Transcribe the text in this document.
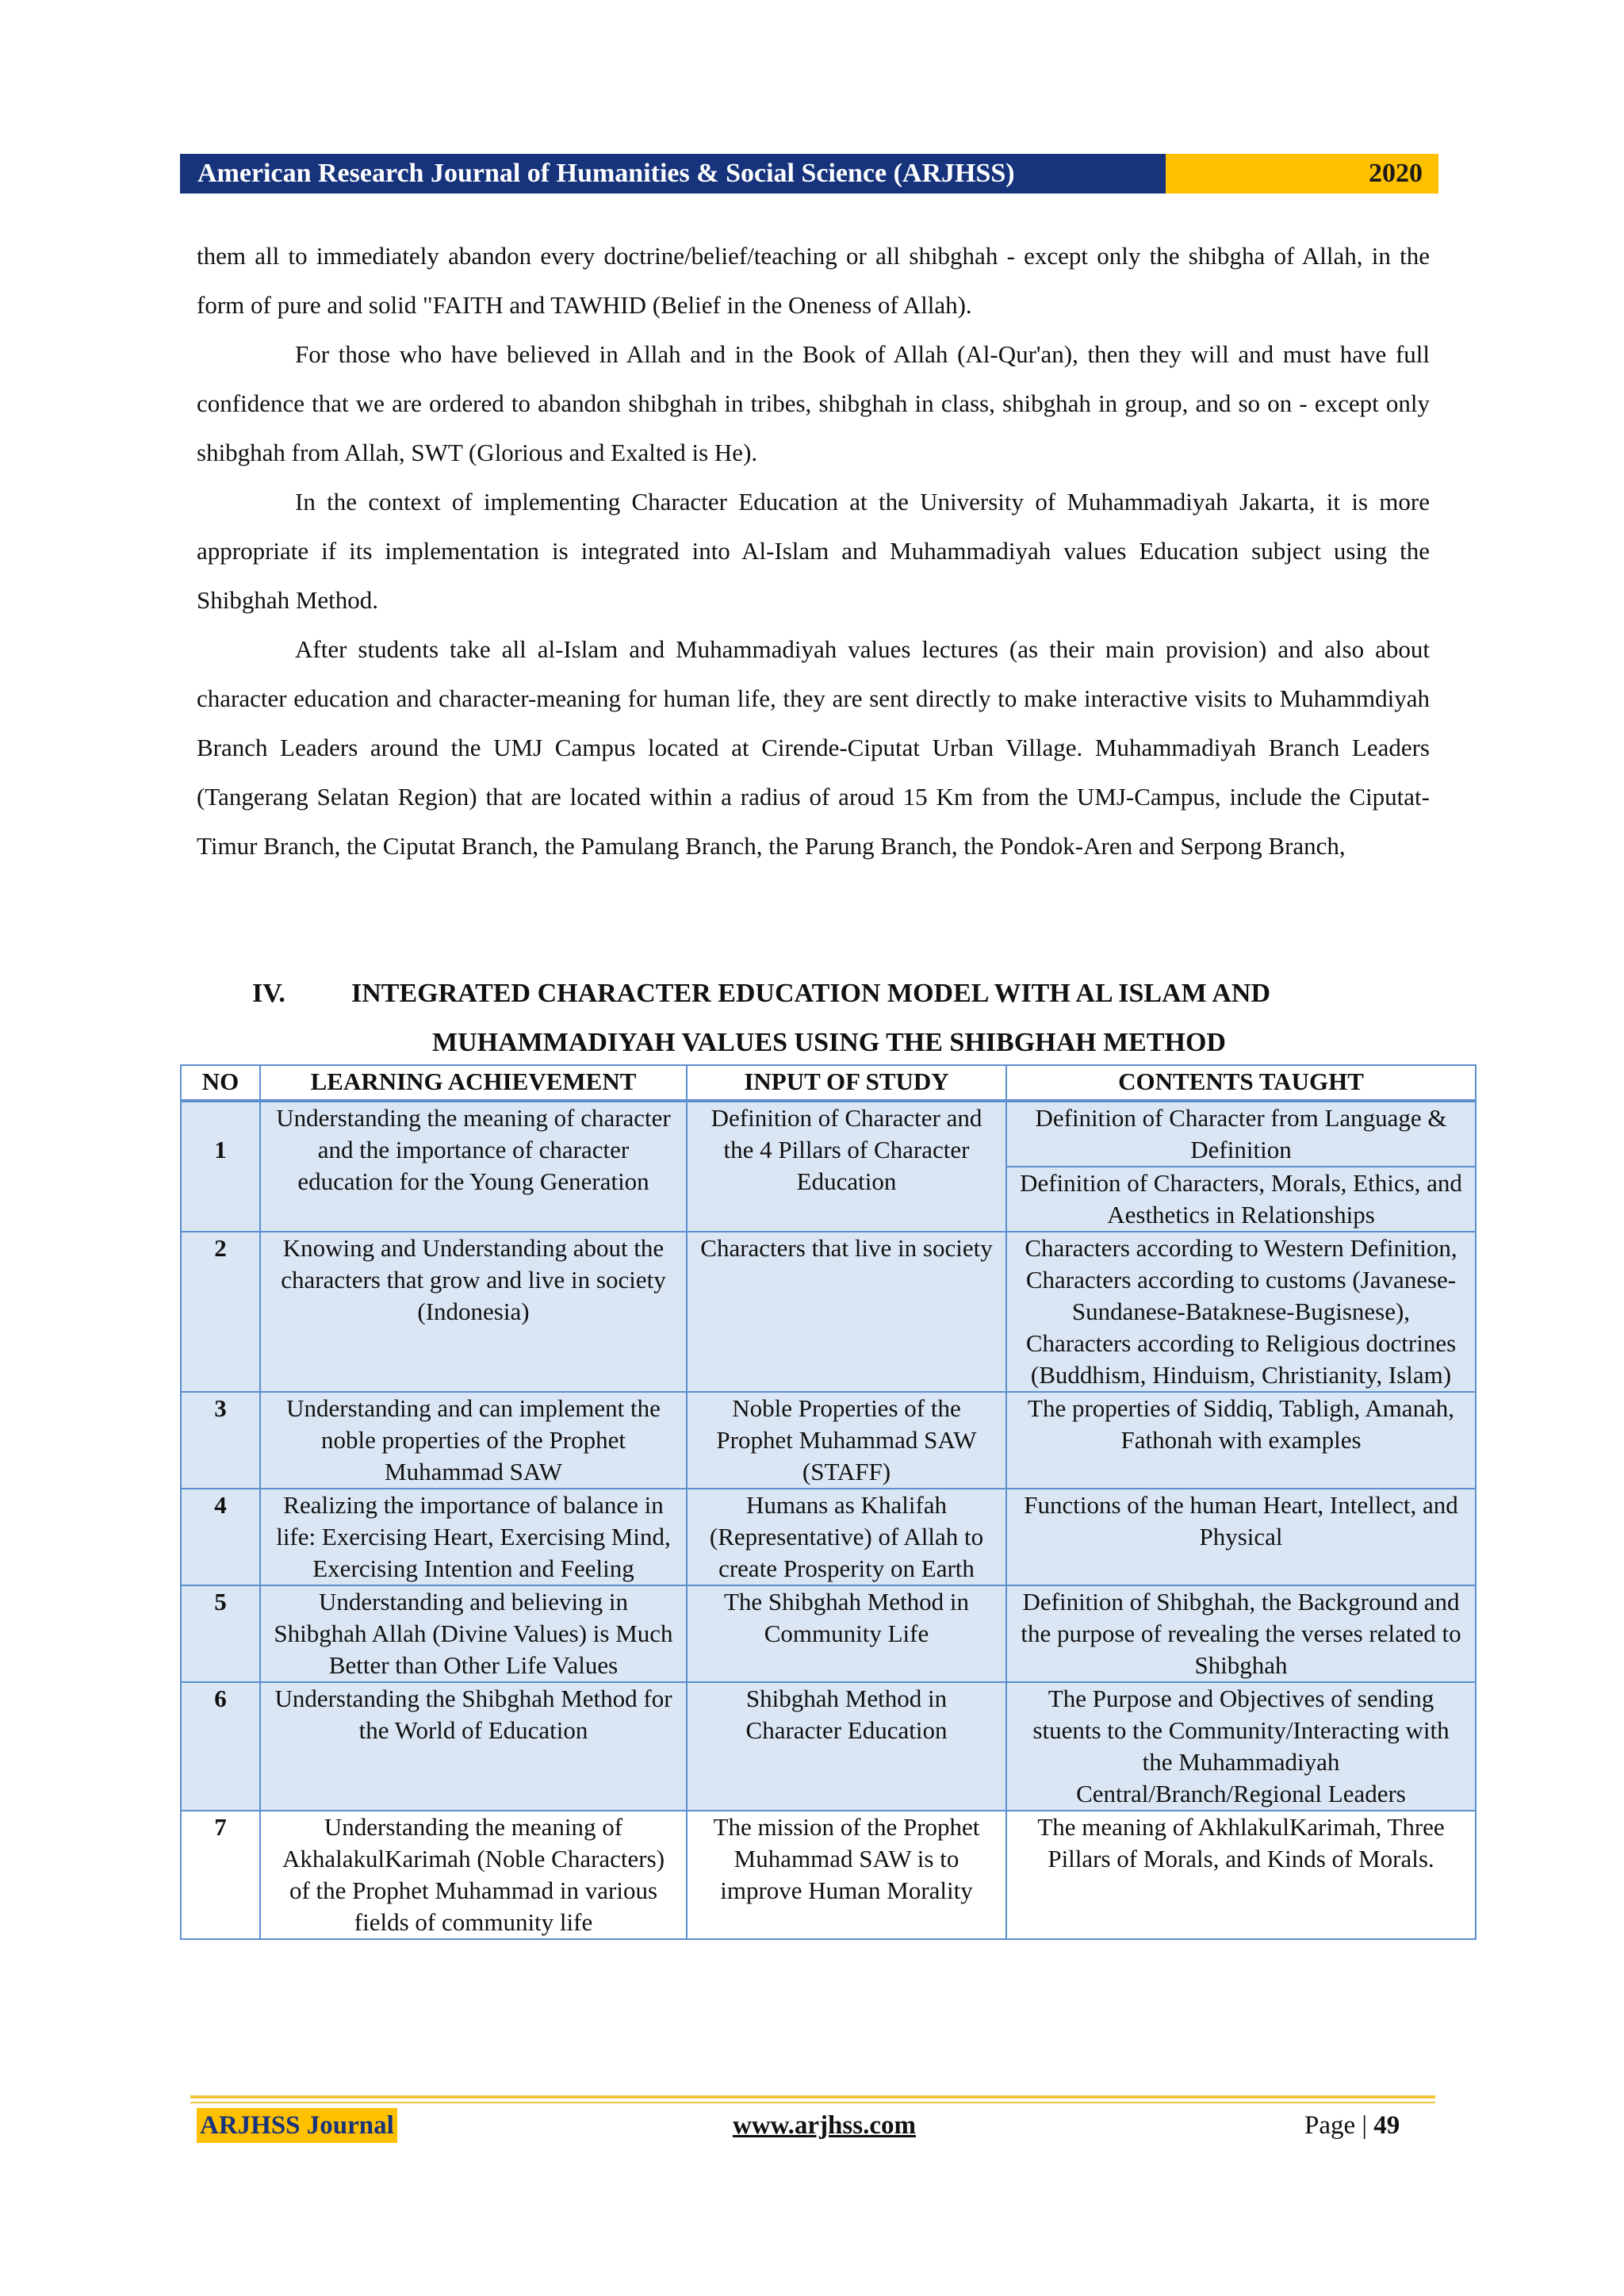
American Research Journal of Humanities & Social Science (ARJHSS)	2020

them all to immediately abandon every doctrine/belief/teaching or all shibghah - except only the shibgha of Allah, in the form of pure and solid "FAITH and TAWHID (Belief in the Oneness of Allah).

For those who have believed in Allah and in the Book of Allah (Al-Qur'an), then they will and must have full confidence that we are ordered to abandon shibghah in tribes, shibghah in class, shibghah in group, and so on - except only shibghah from Allah, SWT (Glorious and Exalted is He).

In the context of implementing Character Education at the University of Muhammadiyah Jakarta, it is more appropriate if its implementation is integrated into Al-Islam and Muhammadiyah values Education subject using the Shibghah Method.

After students take all al-Islam and Muhammadiyah values lectures (as their main provision) and also about character education and character-meaning for human life, they are sent directly to make interactive visits to Muhammdiyah Branch Leaders around the UMJ Campus located at Cirende-Ciputat Urban Village. Muhammadiyah Branch Leaders (Tangerang Selatan Region) that are located within a radius of aroud 15 Km from the UMJ-Campus, include the Ciputat-Timur Branch, the Ciputat Branch, the Pamulang Branch, the Parung Branch, the Pondok-Aren and Serpong Branch,

IV. INTEGRATED CHARACTER EDUCATION MODEL WITH AL ISLAM AND
MUHAMMADIYAH VALUES USING THE SHIBGHAH METHOD
NO	LEARNING ACHIEVEMENT	INPUT OF STUDY	CONTENTS TAUGHT
1	Understanding the meaning of character and the importance of character education for the Young Generation	Definition of Character and the 4 Pillars of Character Education	Definition of Character from Language & Definition
			Definition of Characters, Morals, Ethics, and Aesthetics in Relationships
2	Knowing and Understanding about the characters that grow and live in society (Indonesia)	Characters that live in society	Characters according to Western Definition, Characters according to customs (Javanese-Sundanese-Bataknese-Bugisnese), Characters according to Religious doctrines (Buddhism, Hinduism, Christianity, Islam)
3	Understanding and can implement the noble properties of the Prophet Muhammad SAW	Noble Properties of the Prophet Muhammad SAW (STAFF)	The properties of Siddiq, Tabligh, Amanah, Fathonah with examples
4	Realizing the importance of balance in life: Exercising Heart, Exercising Mind, Exercising Intention and Feeling	Humans as Khalifah (Representative) of Allah to create Prosperity on Earth	Functions of the human Heart, Intellect, and Physical
5	Understanding and believing in Shibghah Allah (Divine Values) is Much Better than Other Life Values	The Shibghah Method in Community Life	Definition of Shibghah, the Background and the purpose of revealing the verses related to Shibghah
6	Understanding the Shibghah Method for the World of Education	Shibghah Method in Character Education	The Purpose and Objectives of sending stuents to the Community/Interacting with the Muhammadiyah Central/Branch/Regional Leaders
7	Understanding the meaning of AkhalakulKarimah (Noble Characters) of the Prophet Muhammad in various fields of community life	The mission of the Prophet Muhammad SAW is to improve Human Morality	The meaning of AkhlakulKarimah, Three Pillars of Morals, and Kinds of Morals.
ARJHSS Journal	www.arjhss.com	Page | 49
